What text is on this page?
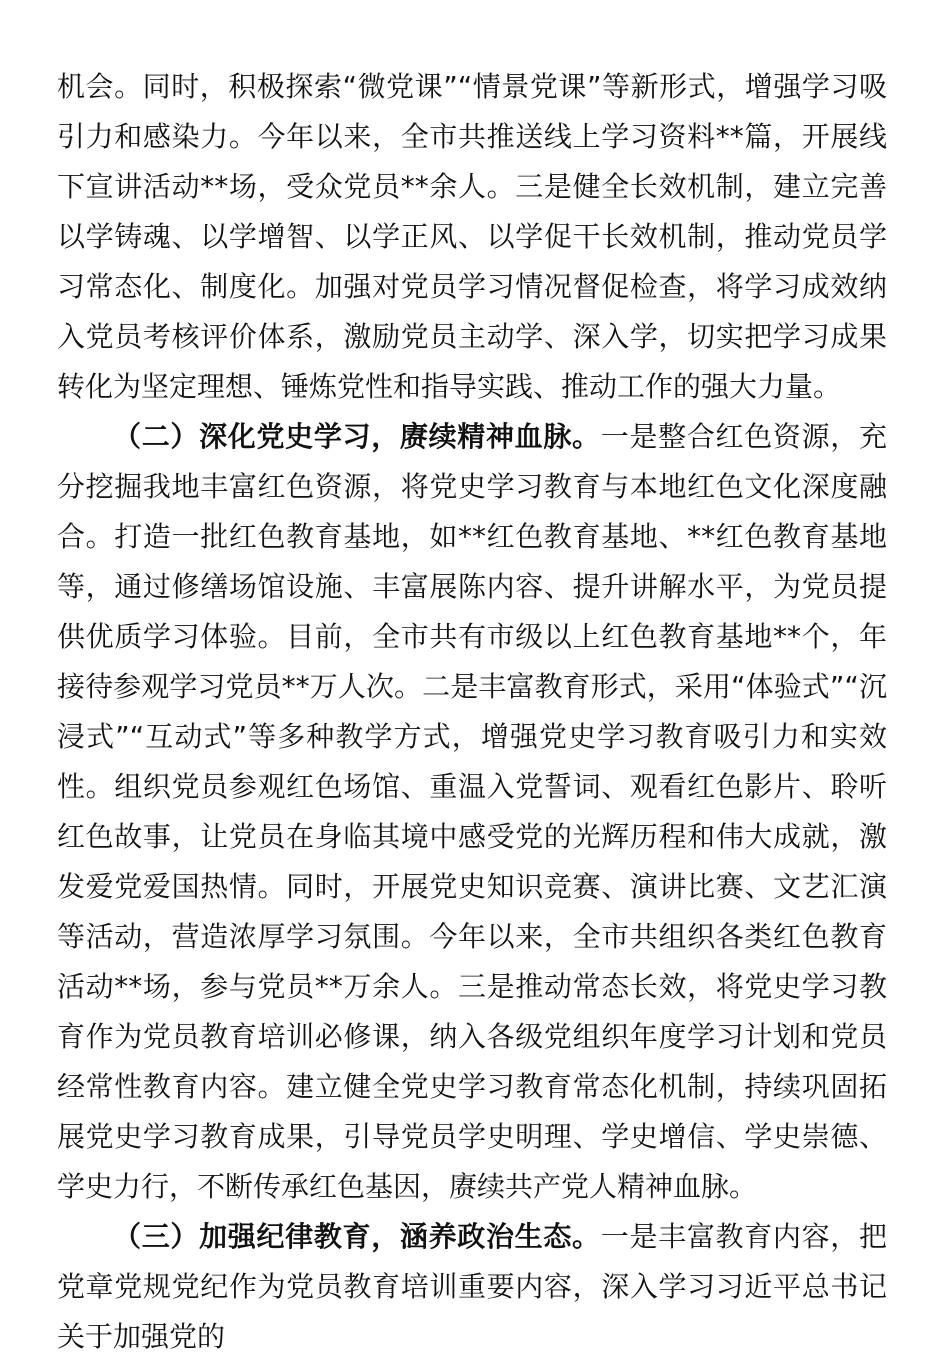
机会。同时，积极探索“微党课”“情景党课”等新形式，增强学习吸引力和感染力。今年以来，全市共推送线上学习资料**篇，开展线下宣讲活动**场，受众党员**余人。三是健全长效机制，建立完善以学铸魂、以学增智、以学正风、以学促干长效机制，推动党员学习常态化、制度化。加强对党员学习情况督促检查，将学习成效纳入党员考核评价体系，激励党员主动学、深入学，切实把学习成果转化为坚定理想、锤炼党性和指导实践、推动工作的强大力量。

（二）深化党史学习，赓续精神血脉。一是整合红色资源，充分挖掘我地丰富红色资源，将党史学习教育与本地红色文化深度融合。打造一批红色教育基地，如**红色教育基地、**红色教育基地等，通过修缮场馆设施、丰富展陈内容、提升讲解水平，为党员提供优质学习体验。目前，全市共有市级以上红色教育基地**个，年接待参观学习党员**万人次。二是丰富教育形式，采用“体验式”“沉浸式”“互动式”等多种教学方式，增强党史学习教育吸引力和实效性。组织党员参观红色场馆、重温入党誓词、观看红色影片、聆听红色故事，让党员在身临其境中感受党的光辉历程和伟大成就，激发爱党爱国热情。同时，开展党史知识竞赛、演讲比赛、文艺汇演等活动，营造浓厚学习氛围。今年以来，全市共组织各类红色教育活动**场，参与党员**万余人。三是推动常态长效，将党史学习教育作为党员教育培训必修课，纳入各级党组织年度学习计划和党员经常性教育内容。建立健全党史学习教育常态化机制，持续巩固拓展党史学习教育成果，引导党员学史明理、学史增信、学史崇德、学史力行，不断传承红色基因，赓续共产党人精神血脉。

（三）加强纪律教育，涵养政治生态。一是丰富教育内容，把党章党规党纪作为党员教育培训重要内容，深入学习习近平总书记关于加强党的
